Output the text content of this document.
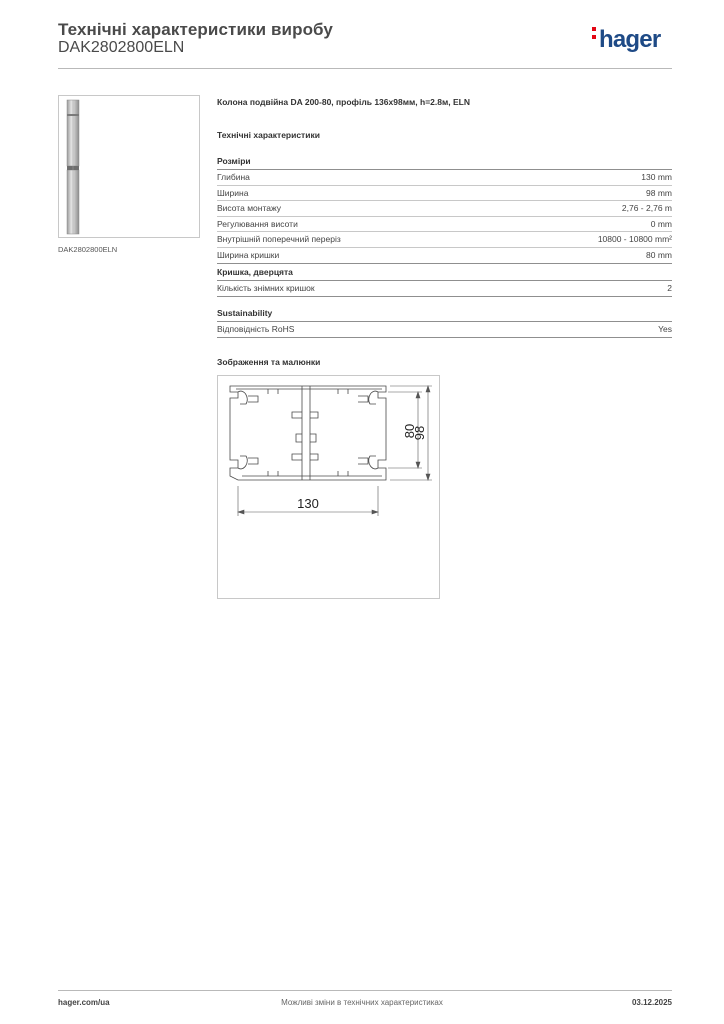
Технічні характеристики виробу
DAK2802800ELN	hager
DAK2802800ELN
Колона подвійна DA 200-80, профіль 136х98мм, h=2.8м, ELN
Технічні характеристики
Розміри
Глибина	130 mm
Ширина	98 mm
Висота монтажу	2,76 - 2,76 m
Регулювання висоти	0 mm
Внутрішній поперечний переріз	10800 - 10800 mm²
Ширина кришки	80 mm
Кришка, дверцята
Кількість знімних кришок	2
Sustainability
Відповідність RoHS	Yes
Зображення та малюнки
130
80
98
hager.com/ua	Можливі зміни в технічних характеристиках	03.12.2025
